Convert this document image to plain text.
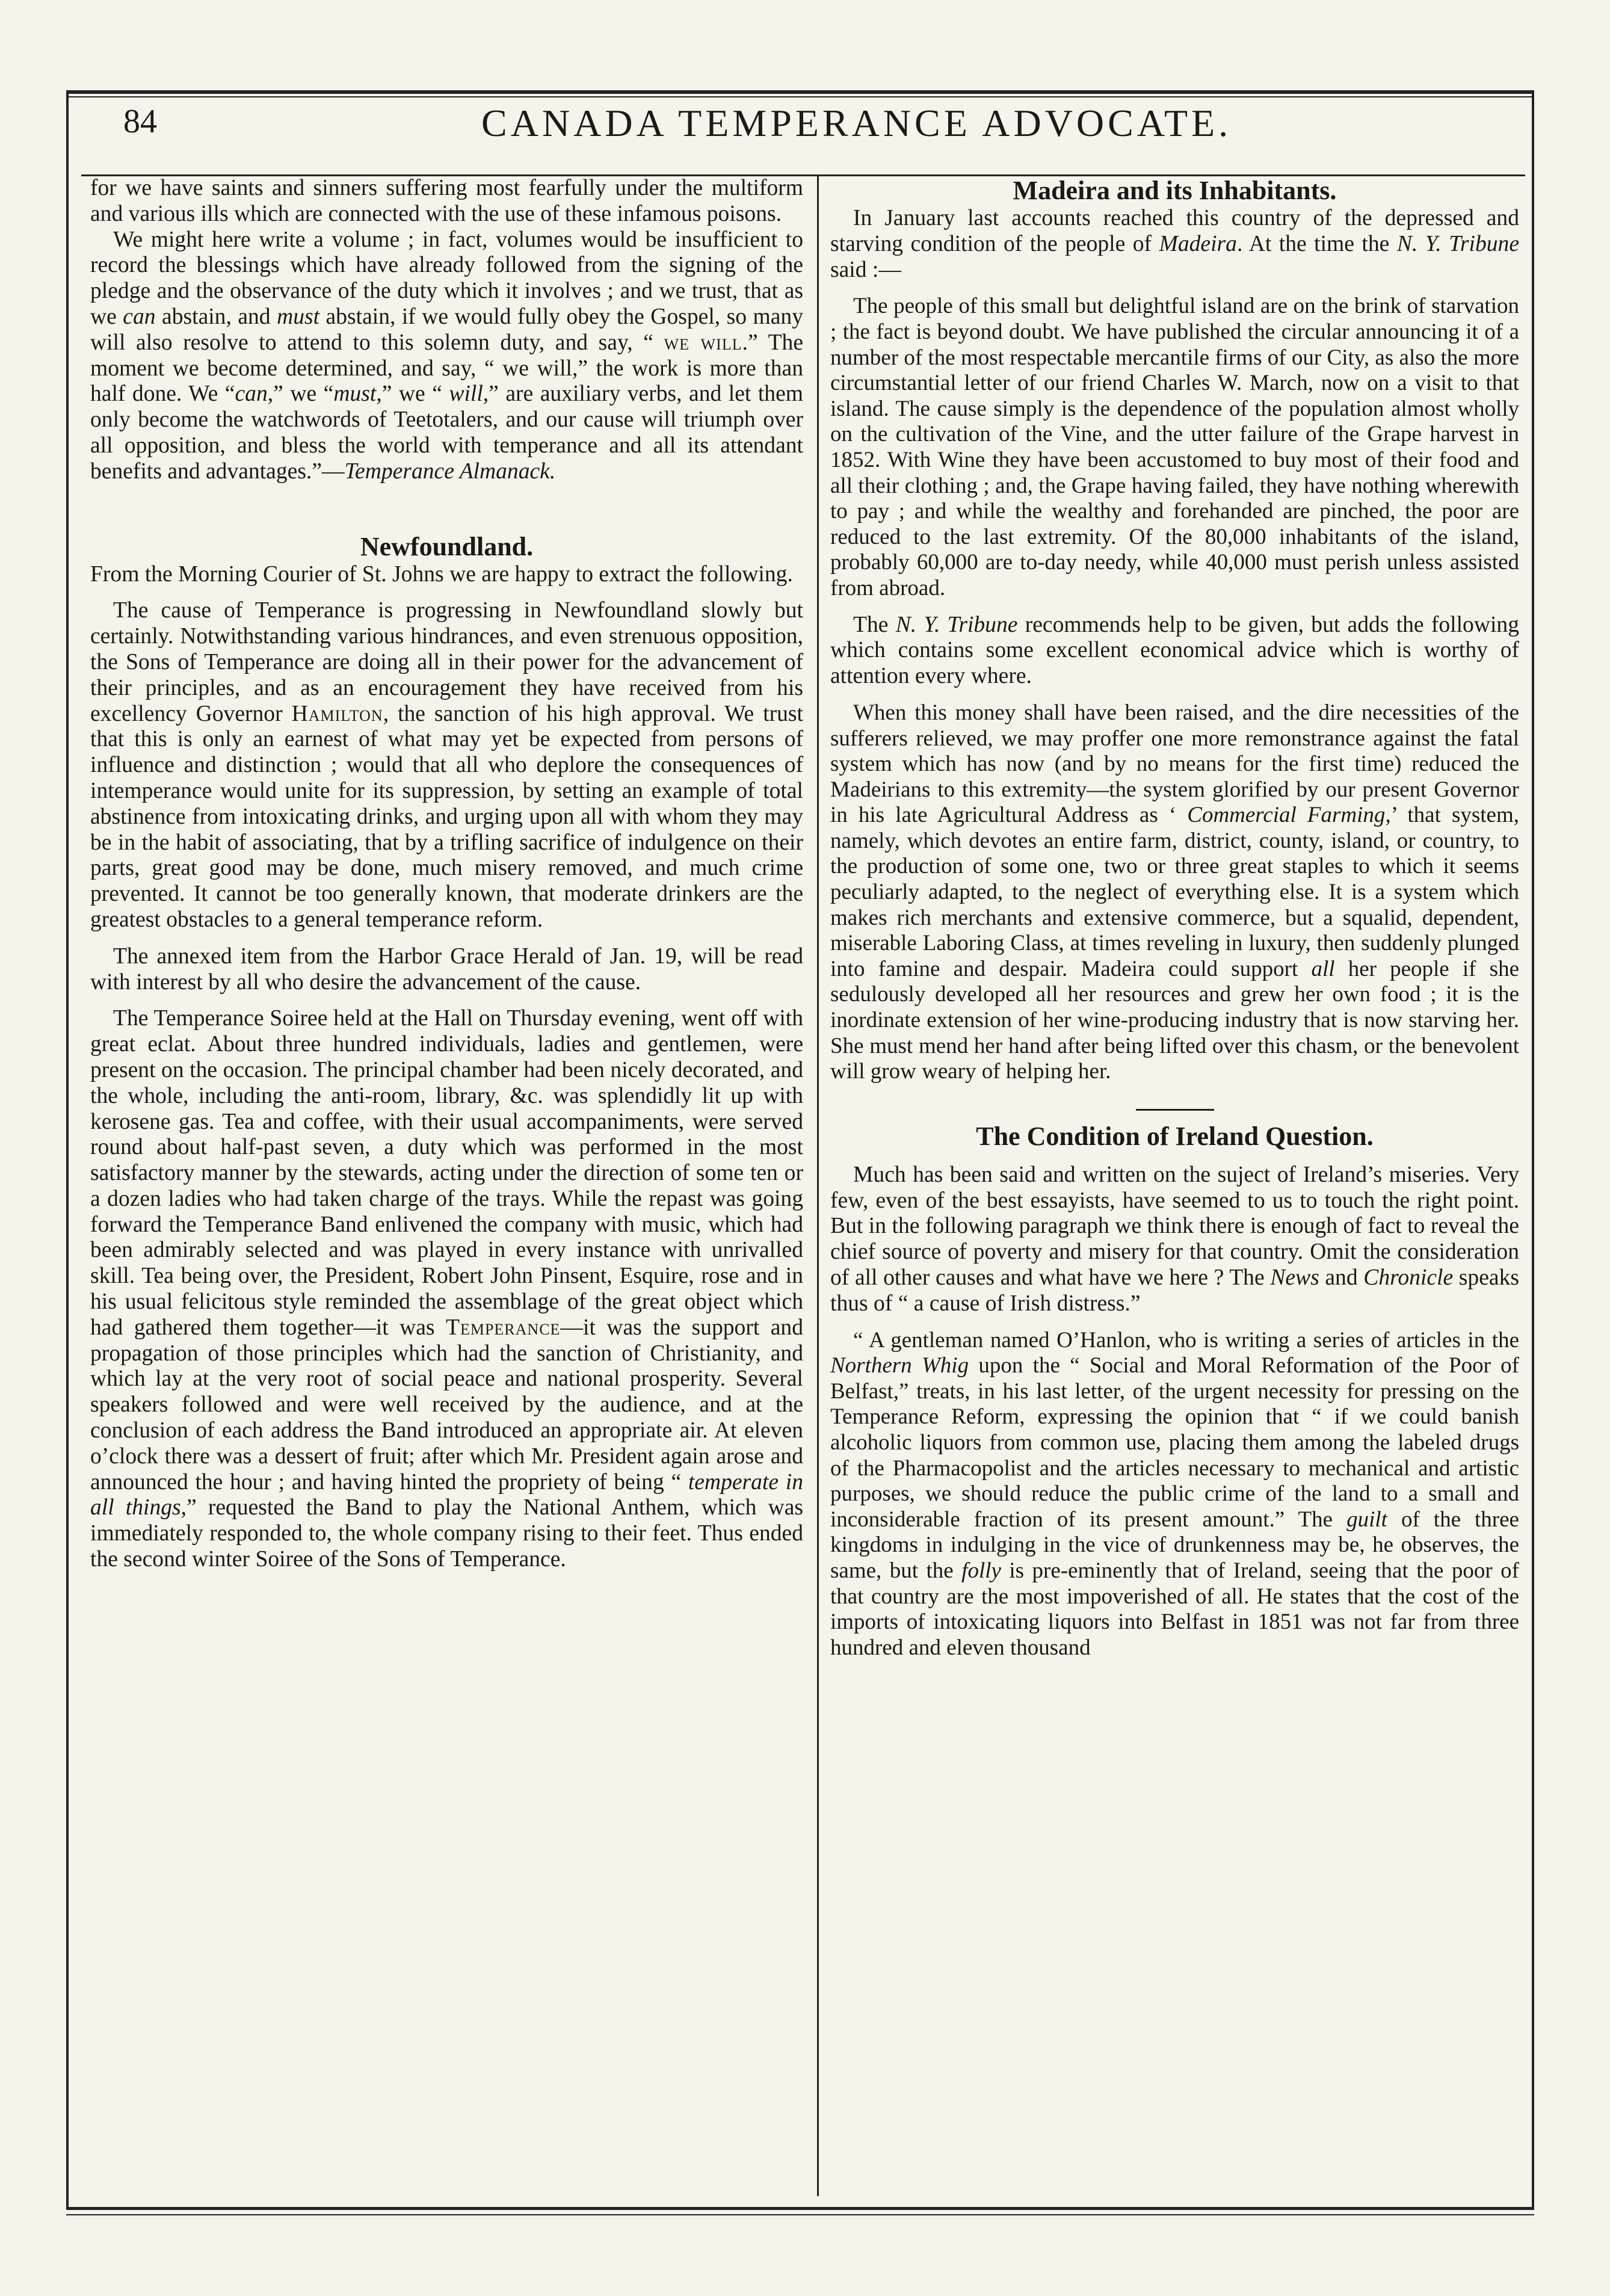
84	CANADA TEMPERANCE ADVOCATE.

for we have saints and sinners suffering most fearfully under the multiform and various ills which are connected with the use of these infamous poisons.

We might here write a volume ; in fact, volumes would be insufficient to record the blessings which have already followed from the signing of the pledge and the observance of the duty which it involves ; and we trust, that as we can abstain, and must abstain, if we would fully obey the Gospel, so many will also resolve to attend to this solemn duty, and say, “ we will.” The moment we become determined, and say, “ we will,” the work is more than half done. We “can,” we “must,” we “ will,” are auxiliary verbs, and let them only become the watchwords of Teetotalers, and our cause will triumph over all opposition, and bless the world with temperance and all its attendant benefits and advantages.”—Temperance Almanack.

Newfoundland.

From the Morning Courier of St. Johns we are happy to extract the following.

The cause of Temperance is progressing in Newfoundland slowly but certainly. Notwithstanding various hindrances, and even strenuous opposition, the Sons of Temperance are doing all in their power for the advancement of their principles, and as an encouragement they have received from his excellency Governor Hamilton, the sanction of his high approval. We trust that this is only an earnest of what may yet be expected from persons of influence and distinction ; would that all who deplore the consequences of intemperance would unite for its suppression, by setting an example of total abstinence from intoxicating drinks, and urging upon all with whom they may be in the habit of associating, that by a trifling sacrifice of indulgence on their parts, great good may be done, much misery removed, and much crime prevented. It cannot be too generally known, that moderate drinkers are the greatest obstacles to a general temperance reform.

The annexed item from the Harbor Grace Herald of Jan. 19, will be read with interest by all who desire the advancement of the cause.

The Temperance Soiree held at the Hall on Thursday evening, went off with great eclat. About three hundred individuals, ladies and gentlemen, were present on the occasion. The principal chamber had been nicely decorated, and the whole, including the anti-room, library, &c. was splendidly lit up with kerosene gas. Tea and coffee, with their usual accompaniments, were served round about half-past seven, a duty which was performed in the most satisfactory manner by the stewards, acting under the direction of some ten or a dozen ladies who had taken charge of the trays. While the repast was going forward the Temperance Band enlivened the company with music, which had been admirably selected and was played in every instance with unrivalled skill. Tea being over, the President, Robert John Pinsent, Esquire, rose and in his usual felicitous style reminded the assemblage of the great object which had gathered them together—it was Temperance—it was the support and propagation of those principles which had the sanction of Christianity, and which lay at the very root of social peace and national prosperity. Several speakers followed and were well received by the audience, and at the conclusion of each address the Band introduced an appropriate air. At eleven o’clock there was a dessert of fruit; after which Mr. President again arose and announced the hour ; and having hinted the propriety of being “ temperate in all things,” requested the Band to play the National Anthem, which was immediately responded to, the whole company rising to their feet. Thus ended the second winter Soiree of the Sons of Temperance.

Madeira and its Inhabitants.

In January last accounts reached this country of the depressed and starving condition of the people of Madeira. At the time the N. Y. Tribune said :—

The people of this small but delightful island are on the brink of starvation ; the fact is beyond doubt. We have published the circular announcing it of a number of the most respectable mercantile firms of our City, as also the more circumstantial letter of our friend Charles W. March, now on a visit to that island. The cause simply is the dependence of the population almost wholly on the cultivation of the Vine, and the utter failure of the Grape harvest in 1852. With Wine they have been accustomed to buy most of their food and all their clothing ; and, the Grape having failed, they have nothing wherewith to pay ; and while the wealthy and forehanded are pinched, the poor are reduced to the last extremity. Of the 80,000 inhabitants of the island, probably 60,000 are to-day needy, while 40,000 must perish unless assisted from abroad.

The N. Y. Tribune recommends help to be given, but adds the following which contains some excellent economical advice which is worthy of attention every where.

When this money shall have been raised, and the dire necessities of the sufferers relieved, we may proffer one more remonstrance against the fatal system which has now (and by no means for the first time) reduced the Madeirians to this extremity—the system glorified by our present Governor in his late Agricultural Address as ‘ Commercial Farming,’ that system, namely, which devotes an entire farm, district, county, island, or country, to the production of some one, two or three great staples to which it seems peculiarly adapted, to the neglect of everything else. It is a system which makes rich merchants and extensive commerce, but a squalid, dependent, miserable Laboring Class, at times reveling in luxury, then suddenly plunged into famine and despair. Madeira could support all her people if she sedulously developed all her resources and grew her own food ; it is the inordinate extension of her wine-producing industry that is now starving her. She must mend her hand after being lifted over this chasm, or the benevolent will grow weary of helping her.

The Condition of Ireland Question.

Much has been said and written on the suject of Ireland’s miseries. Very few, even of the best essayists, have seemed to us to touch the right point. But in the following paragraph we think there is enough of fact to reveal the chief source of poverty and misery for that country. Omit the consideration of all other causes and what have we here ? The News and Chronicle speaks thus of “ a cause of Irish distress.”

“ A gentleman named O’Hanlon, who is writing a series of articles in the Northern Whig upon the “ Social and Moral Reformation of the Poor of Belfast,” treats, in his last letter, of the urgent necessity for pressing on the Temperance Reform, expressing the opinion that “ if we could banish alcoholic liquors from common use, placing them among the labeled drugs of the Pharmacopolist and the articles necessary to mechanical and artistic purposes, we should reduce the public crime of the land to a small and inconsiderable fraction of its present amount.” The guilt of the three kingdoms in indulging in the vice of drunkenness may be, he observes, the same, but the folly is pre-eminently that of Ireland, seeing that the poor of that country are the most impoverished of all. He states that the cost of the imports of intoxicating liquors into Belfast in 1851 was not far from three hundred and eleven thousand
